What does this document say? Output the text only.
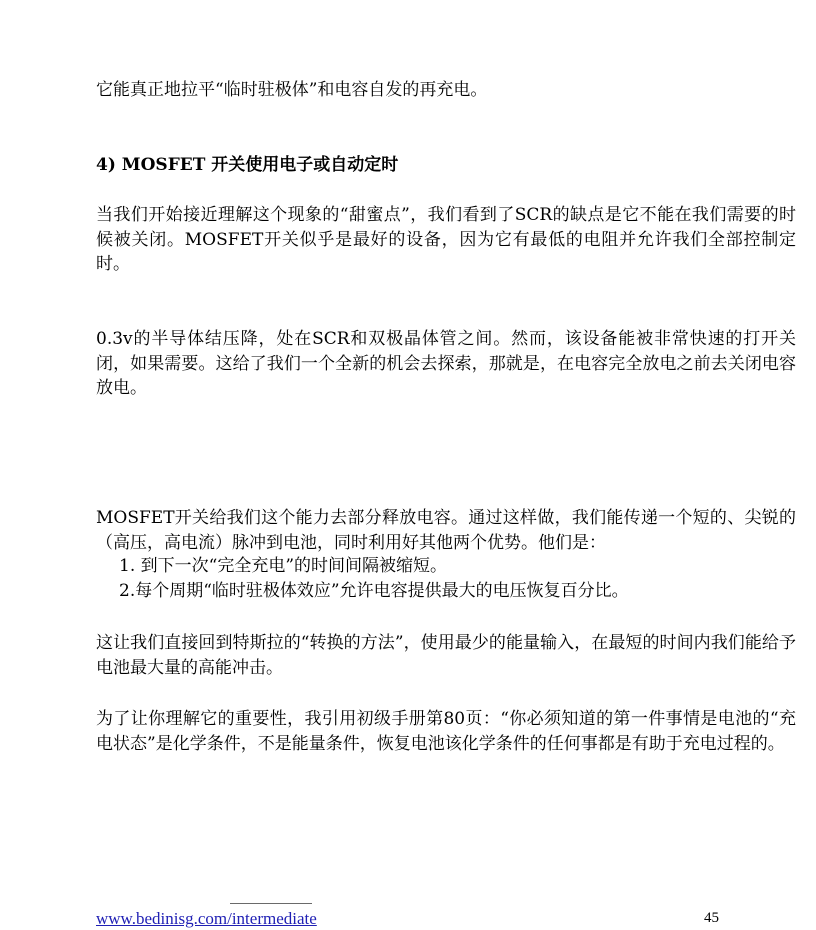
它能真正地拉平“临时驻极体”和电容自发的再充电。

4) MOSFET 开关使用电子或自动定时

当我们开始接近理解这个现象的“甜蜜点”，我们看到了SCR的缺点是它不能在我们需要的时候被关闭。MOSFET开关似乎是最好的设备，因为它有最低的电阻并允许我们全部控制定时。

0.3v的半导体结压降，处在SCR和双极晶体管之间。然而，该设备能被非常快速的打开关闭，如果需要。这给了我们一个全新的机会去探索，那就是，在电容完全放电之前去关闭电容放电。

MOSFET开关给我们这个能力去部分释放电容。通过这样做，我们能传递一个短的、尖锐的（高压，高电流）脉冲到电池，同时利用好其他两个优势。他们是：

1. 到下一次“完全充电”的时间间隔被缩短。

2.每个周期“临时驻极体效应”允许电容提供最大的电压恢复百分比。

这让我们直接回到特斯拉的“转换的方法”，使用最少的能量输入，在最短的时间内我们能给予电池最大量的高能冲击。

为了让你理解它的重要性，我引用初级手册第80页：“你必须知道的第一件事情是电池的“充电状态”是化学条件，不是能量条件，恢复电池该化学条件的任何事都是有助于充电过程的。

www.bedinisg.com/intermediate	45
